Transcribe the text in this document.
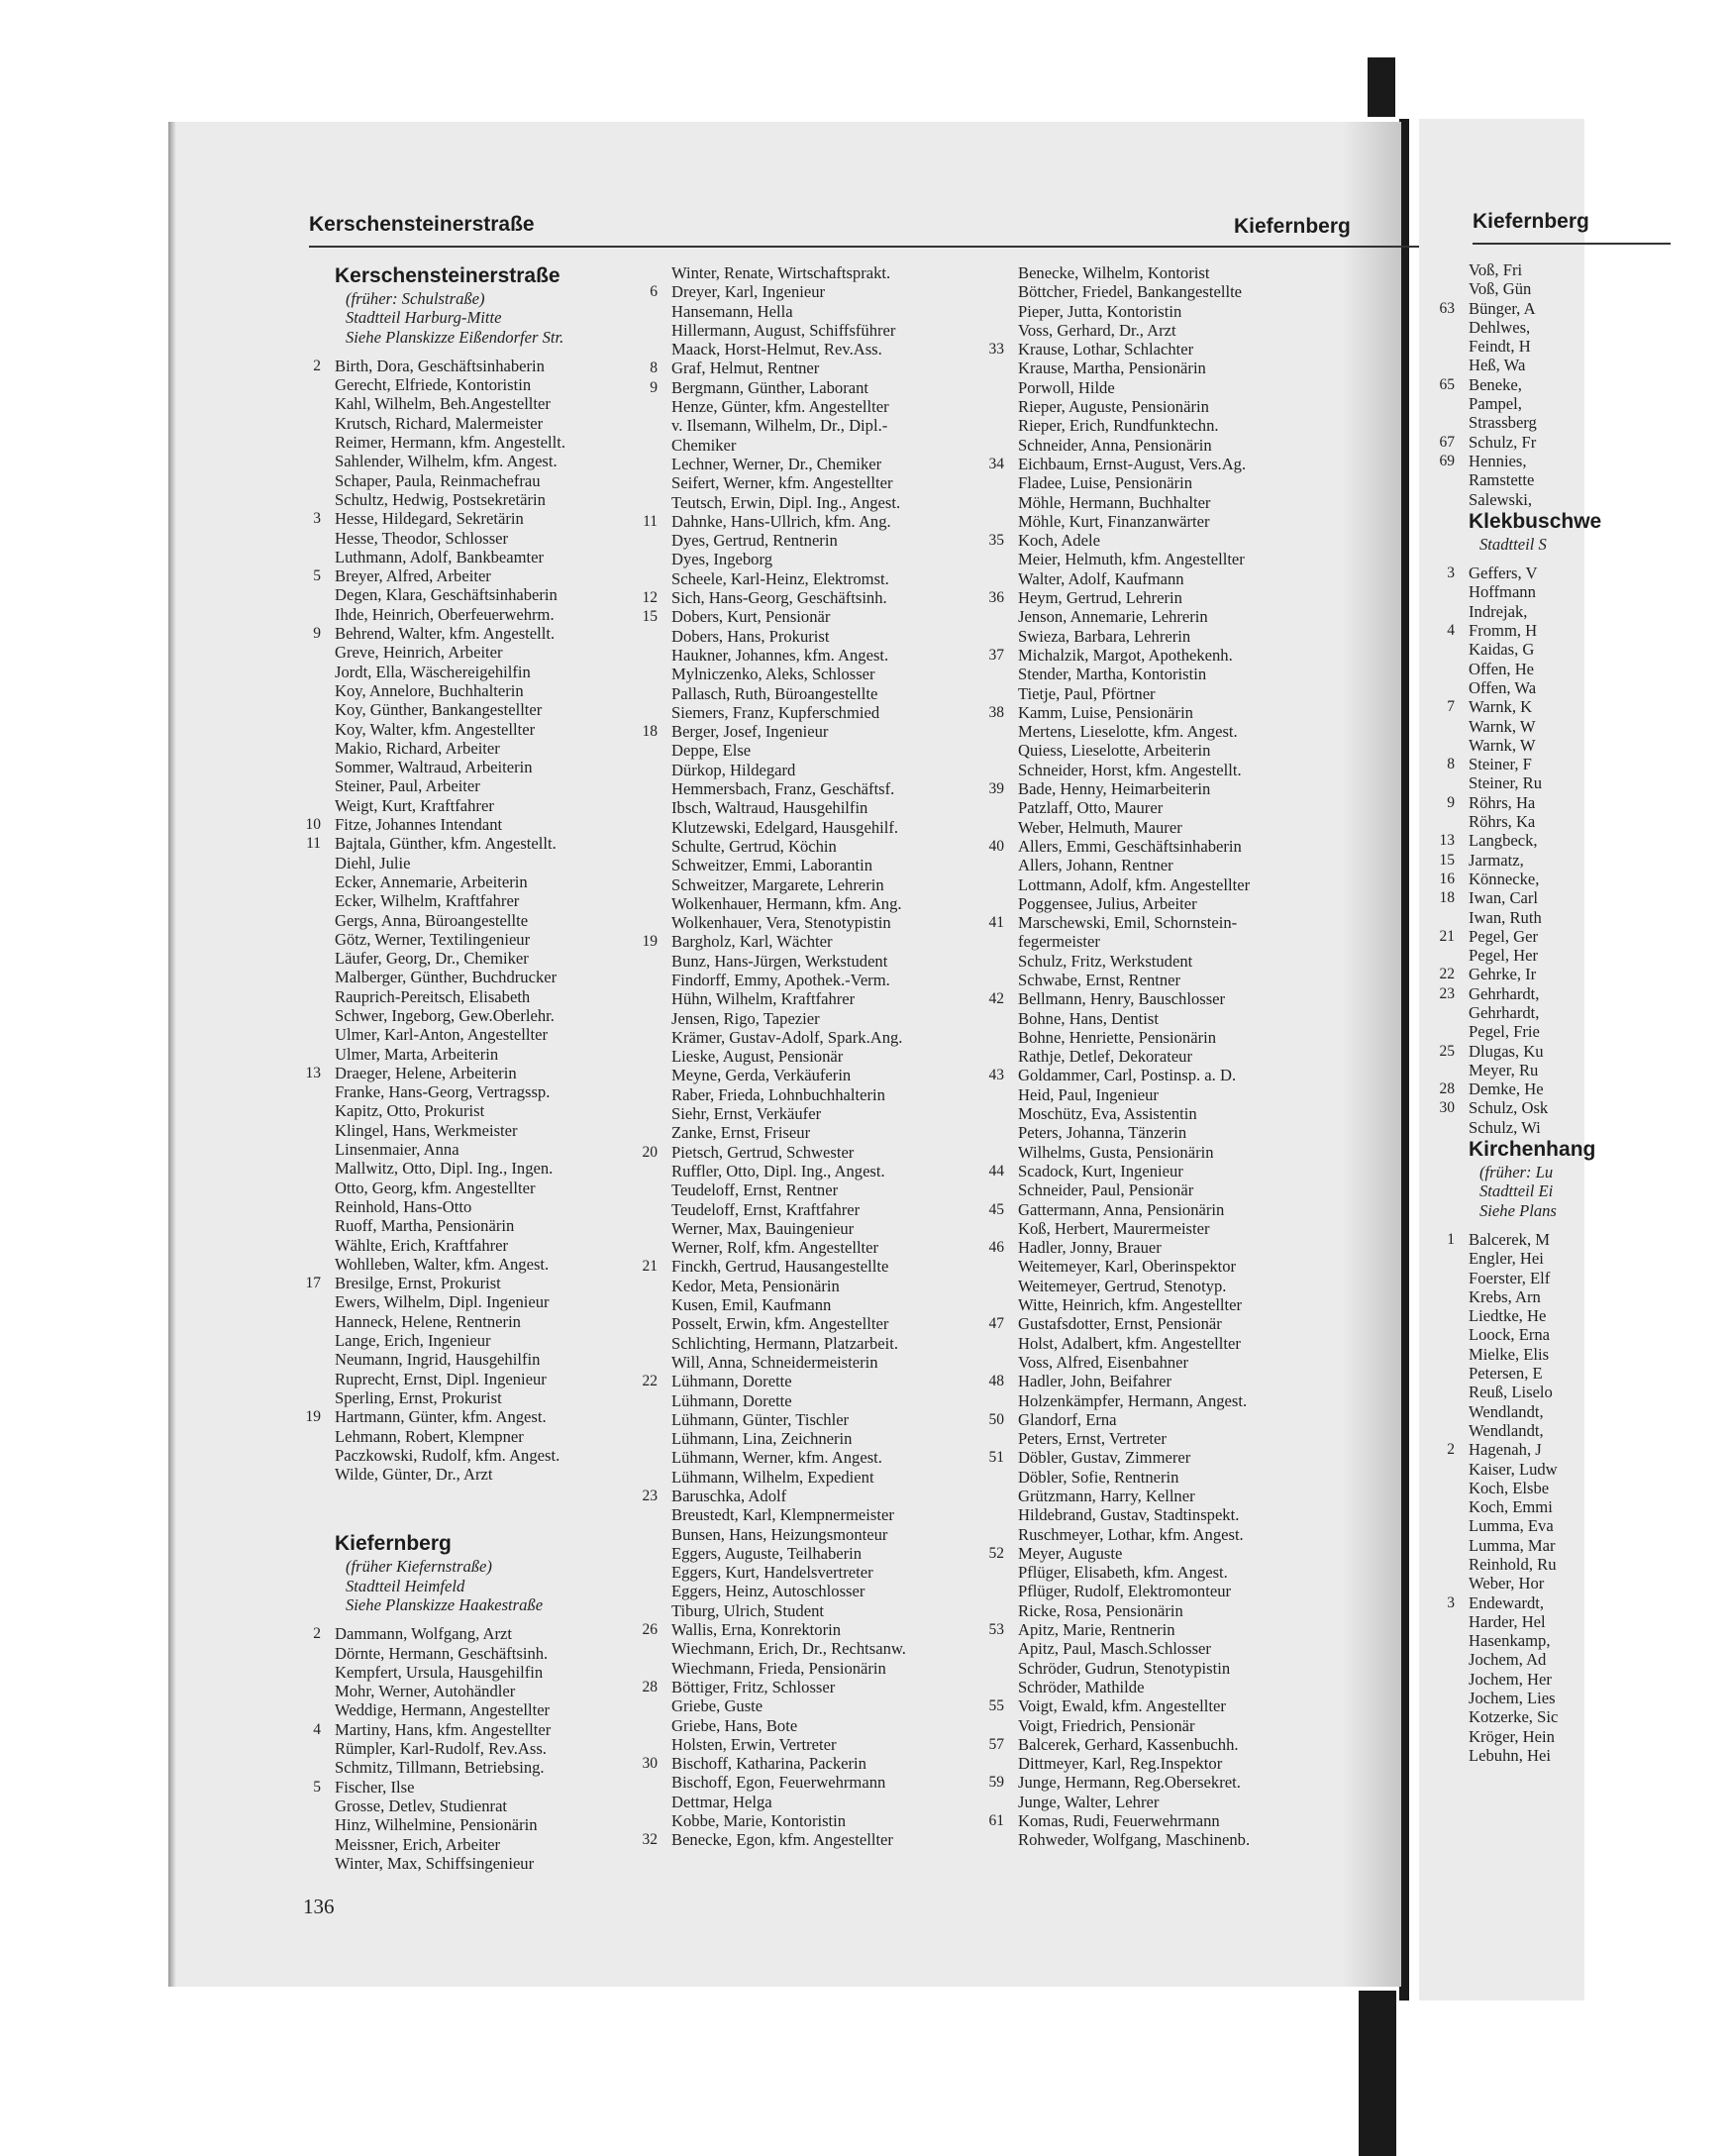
Kerschensteinerstraße	Kiefernberg
Kerschensteinerstraße
(früher: Schulstraße)
Stadtteil Harburg-Mitte
Siehe Planskizze Eißendorfer Str.
2 Birth, Dora, Geschäftsinhaberin
Gerecht, Elfriede, Kontoristin
Kahl, Wilhelm, Beh.Angestellter
Krutsch, Richard, Malermeister
Reimer, Hermann, kfm. Angestellt.
Sahlender, Wilhelm, kfm. Angest.
Schaper, Paula, Reinmachefrau
Schultz, Hedwig, Postsekretärin
3 Hesse, Hildegard, Sekretärin
Hesse, Theodor, Schlosser
Luthmann, Adolf, Bankbeamter
5 Breyer, Alfred, Arbeiter
Degen, Klara, Geschäftsinhaberin
Ihde, Heinrich, Oberfeuerwehrm.
9 Behrend, Walter, kfm. Angestellt.
Greve, Heinrich, Arbeiter
Jordt, Ella, Wäschereigehilfin
Koy, Annelore, Buchhalterin
Koy, Günther, Bankangestellter
Koy, Walter, kfm. Angestellter
Makio, Richard, Arbeiter
Sommer, Waltraud, Arbeiterin
Steiner, Paul, Arbeiter
Weigt, Kurt, Kraftfahrer
10 Fitze, Johannes Intendant
11 Bajtala, Günther, kfm. Angestellt.
Diehl, Julie
Ecker, Annemarie, Arbeiterin
Ecker, Wilhelm, Kraftfahrer
Gergs, Anna, Büroangestellte
Götz, Werner, Textilingenieur
Läufer, Georg, Dr., Chemiker
Malberger, Günther, Buchdrucker
Rauprich-Pereitsch, Elisabeth
Schwer, Ingeborg, Gew.Oberlehr.
Ulmer, Karl-Anton, Angestellter
Ulmer, Marta, Arbeiterin
13 Draeger, Helene, Arbeiterin
Franke, Hans-Georg, Vertragssp.
Kapitz, Otto, Prokurist
Klingel, Hans, Werkmeister
Linsenmaier, Anna
Mallwitz, Otto, Dipl. Ing., Ingen.
Otto, Georg, kfm. Angestellter
Reinhold, Hans-Otto
Ruoff, Martha, Pensionärin
Wählte, Erich, Kraftfahrer
Wohlleben, Walter, kfm. Angest.
17 Bresilge, Ernst, Prokurist
Ewers, Wilhelm, Dipl. Ingenieur
Hanneck, Helene, Rentnerin
Lange, Erich, Ingenieur
Neumann, Ingrid, Hausgehilfin
Ruprecht, Ernst, Dipl. Ingenieur
Sperling, Ernst, Prokurist
19 Hartmann, Günter, kfm. Angest.
Lehmann, Robert, Klempner
Paczkowski, Rudolf, kfm. Angest.
Wilde, Günter, Dr., Arzt
Kiefernberg
(früher Kiefernstraße)
Stadtteil Heimfeld
Siehe Planskizze Haakestraße
2 Dammann, Wolfgang, Arzt
Dörnte, Hermann, Geschäftsinh.
Kempfert, Ursula, Hausgehilfin
Mohr, Werner, Autohändler
Weddige, Hermann, Angestellter
4 Martiny, Hans, kfm. Angestellter
Rümpler, Karl-Rudolf, Rev.Ass.
Schmitz, Tillmann, Betriebsing.
5 Fischer, Ilse
Grosse, Detlev, Studienrat
Hinz, Wilhelmine, Pensionärin
Meissner, Erich, Arbeiter
Winter, Max, Schiffsingenieur
Winter, Renate, Wirtschaftsprakt.
6 Dreyer, Karl, Ingenieur
Hansemann, Hella
Hillermann, August, Schiffsführer
Maack, Horst-Helmut, Rev.Ass.
8 Graf, Helmut, Rentner
9 Bergmann, Günther, Laborant
Henze, Günter, kfm. Angestellter
v. Ilsemann, Wilhelm, Dr., Dipl.-
Chemiker
Lechner, Werner, Dr., Chemiker
Seifert, Werner, kfm. Angestellter
Teutsch, Erwin, Dipl. Ing., Angest.
11 Dahnke, Hans-Ullrich, kfm. Ang.
Dyes, Gertrud, Rentnerin
Dyes, Ingeborg
Scheele, Karl-Heinz, Elektromst.
12 Sich, Hans-Georg, Geschäftsinh.
15 Dobers, Kurt, Pensionär
Dobers, Hans, Prokurist
Haukner, Johannes, kfm. Angest.
Mylniczenko, Aleks, Schlosser
Pallasch, Ruth, Büroangestellte
Siemers, Franz, Kupferschmied
18 Berger, Josef, Ingenieur
Deppe, Else
Dürkop, Hildegard
Hemmersbach, Franz, Geschäftsf.
Ibsch, Waltraud, Hausgehilfin
Klutzewski, Edelgard, Hausgehilf.
Schulte, Gertrud, Köchin
Schweitzer, Emmi, Laborantin
Schweitzer, Margarete, Lehrerin
Wolkenhauer, Hermann, kfm. Ang.
Wolkenhauer, Vera, Stenotypistin
19 Bargholz, Karl, Wächter
Bunz, Hans-Jürgen, Werkstudent
Findorff, Emmy, Apothek.-Verm.
Hühn, Wilhelm, Kraftfahrer
Jensen, Rigo, Tapezier
Krämer, Gustav-Adolf, Spark.Ang.
Lieske, August, Pensionär
Meyne, Gerda, Verkäuferin
Raber, Frieda, Lohnbuchhalterin
Siehr, Ernst, Verkäufer
Zanke, Ernst, Friseur
20 Pietsch, Gertrud, Schwester
Ruffler, Otto, Dipl. Ing., Angest.
Teudeloff, Ernst, Rentner
Teudeloff, Ernst, Kraftfahrer
Werner, Max, Bauingenieur
Werner, Rolf, kfm. Angestellter
21 Finckh, Gertrud, Hausangestellte
Kedor, Meta, Pensionärin
Kusen, Emil, Kaufmann
Posselt, Erwin, kfm. Angestellter
Schlichting, Hermann, Platzarbeit.
Will, Anna, Schneidermeisterin
22 Lühmann, Dorette
Lühmann, Dorette
Lühmann, Günter, Tischler
Lühmann, Lina, Zeichnerin
Lühmann, Werner, kfm. Angest.
Lühmann, Wilhelm, Expedient
23 Baruschka, Adolf
Breustedt, Karl, Klempnermeister
Bunsen, Hans, Heizungsmonteur
Eggers, Auguste, Teilhaberin
Eggers, Kurt, Handelsvertreter
Eggers, Heinz, Autoschlosser
Tiburg, Ulrich, Student
26 Wallis, Erna, Konrektorin
Wiechmann, Erich, Dr., Rechtsanw.
Wiechmann, Frieda, Pensionärin
28 Böttiger, Fritz, Schlosser
Griebe, Guste
Griebe, Hans, Bote
Holsten, Erwin, Vertreter
30 Bischoff, Katharina, Packerin
Bischoff, Egon, Feuerwehrmann
Dettmar, Helga
Kobbe, Marie, Kontoristin
32 Benecke, Egon, kfm. Angestellter
Benecke, Wilhelm, Kontorist
Böttcher, Friedel, Bankangestellte
Pieper, Jutta, Kontoristin
Voss, Gerhard, Dr., Arzt
33 Krause, Lothar, Schlachter
Krause, Martha, Pensionärin
Porwoll, Hilde
Rieper, Auguste, Pensionärin
Rieper, Erich, Rundfunktechn.
Schneider, Anna, Pensionärin
34 Eichbaum, Ernst-August, Vers.Ag.
Fladee, Luise, Pensionärin
Möhle, Hermann, Buchhalter
Möhle, Kurt, Finanzanwärter
35 Koch, Adele
Meier, Helmuth, kfm. Angestellter
Walter, Adolf, Kaufmann
36 Heym, Gertrud, Lehrerin
Jenson, Annemarie, Lehrerin
Swieza, Barbara, Lehrerin
37 Michalzik, Margot, Apothekenh.
Stender, Martha, Kontoristin
Tietje, Paul, Pförtner
38 Kamm, Luise, Pensionärin
Mertens, Lieselotte, kfm. Angest.
Quiess, Lieselotte, Arbeiterin
Schneider, Horst, kfm. Angestellt.
39 Bade, Henny, Heimarbeiterin
Patzlaff, Otto, Maurer
Weber, Helmuth, Maurer
40 Allers, Emmi, Geschäftsinhaberin
Allers, Johann, Rentner
Lottmann, Adolf, kfm. Angestellter
Poggensee, Julius, Arbeiter
41 Marschewski, Emil, Schornstein-
fegermeister
Schulz, Fritz, Werkstudent
Schwabe, Ernst, Rentner
42 Bellmann, Henry, Bauschlosser
Bohne, Hans, Dentist
Bohne, Henriette, Pensionärin
Rathje, Detlef, Dekorateur
43 Goldammer, Carl, Postinsp. a. D.
Heid, Paul, Ingenieur
Moschütz, Eva, Assistentin
Peters, Johanna, Tänzerin
Wilhelms, Gusta, Pensionärin
44 Scadock, Kurt, Ingenieur
Schneider, Paul, Pensionär
45 Gattermann, Anna, Pensionärin
Koß, Herbert, Maurermeister
46 Hadler, Jonny, Brauer
Weitemeyer, Karl, Oberinspektor
Weitemeyer, Gertrud, Stenotyp.
Witte, Heinrich, kfm. Angestellter
47 Gustafsdotter, Ernst, Pensionär
Holst, Adalbert, kfm. Angestellter
Voss, Alfred, Eisenbahner
48 Hadler, John, Beifahrer
Holzenkämpfer, Hermann, Angest.
50 Glandorf, Erna
Peters, Ernst, Vertreter
51 Döbler, Gustav, Zimmerer
Döbler, Sofie, Rentnerin
Grützmann, Harry, Kellner
Hildebrand, Gustav, Stadtinspekt.
Ruschmeyer, Lothar, kfm. Angest.
52 Meyer, Auguste
Pflüger, Elisabeth, kfm. Angest.
Pflüger, Rudolf, Elektromonteur
Ricke, Rosa, Pensionärin
53 Apitz, Marie, Rentnerin
Apitz, Paul, Masch.Schlosser
Schröder, Gudrun, Stenotypistin
Schröder, Mathilde
55 Voigt, Ewald, kfm. Angestellter
Voigt, Friedrich, Pensionär
57 Balcerek, Gerhard, Kassenbuchh.
Dittmeyer, Karl, Reg.Inspektor
59 Junge, Hermann, Reg.Obersekret.
Junge, Walter, Lehrer
61 Komas, Rudi, Feuerwehrmann
Rohweder, Wolfgang, Maschinenb.
136
Kiefernberg
Voß, Fri
Voß, Gün
63 Bünger, A
Dehlwes,
Feindt, H
Heß, Wa
65 Beneke,
Pampel,
Strassberg
67 Schulz, Fr
69 Hennies,
Ramstette
Salewski,
Klekbuschwe
Stadtteil S
3 Geffers, V
Hoffmann
Indrejak,
4 Fromm, H
Kaidas, G
Offen, He
Offen, Wa
7 Warnk, K
Warnk, W
Warnk, W
8 Steiner, F
Steiner, Ru
9 Röhrs, Ha
Röhrs, Ka
13 Langbeck,
15 Jarmatz,
16 Könnecke,
18 Iwan, Carl
Iwan, Ruth
21 Pegel, Ger
Pegel, Her
22 Gehrke, Ir
23 Gehrhardt,
Gehrhardt,
Pegel, Frie
25 Dlugas, Ku
Meyer, Ru
28 Demke, He
30 Schulz, Osk
Schulz, Wi
Kirchenhang
(früher: Lu
Stadtteil Ei
Siehe Plans
1 Balcerek, M
Engler, Hei
Foerster, Elf
Krebs, Arn
Liedtke, He
Loock, Erna
Mielke, Elis
Petersen, E
Reuß, Liselo
Wendlandt,
Wendlandt,
2 Hagenah, J
Kaiser, Ludw
Koch, Elsbe
Koch, Emmi
Lumma, Eva
Lumma, Mar
Reinhold, Ru
Weber, Hor
3 Endewardt,
Harder, Hel
Hasenkamp,
Jochem, Ad
Jochem, Her
Jochem, Lies
Kotzerke, Sic
Kröger, Hein
Lebuhn, Hei
